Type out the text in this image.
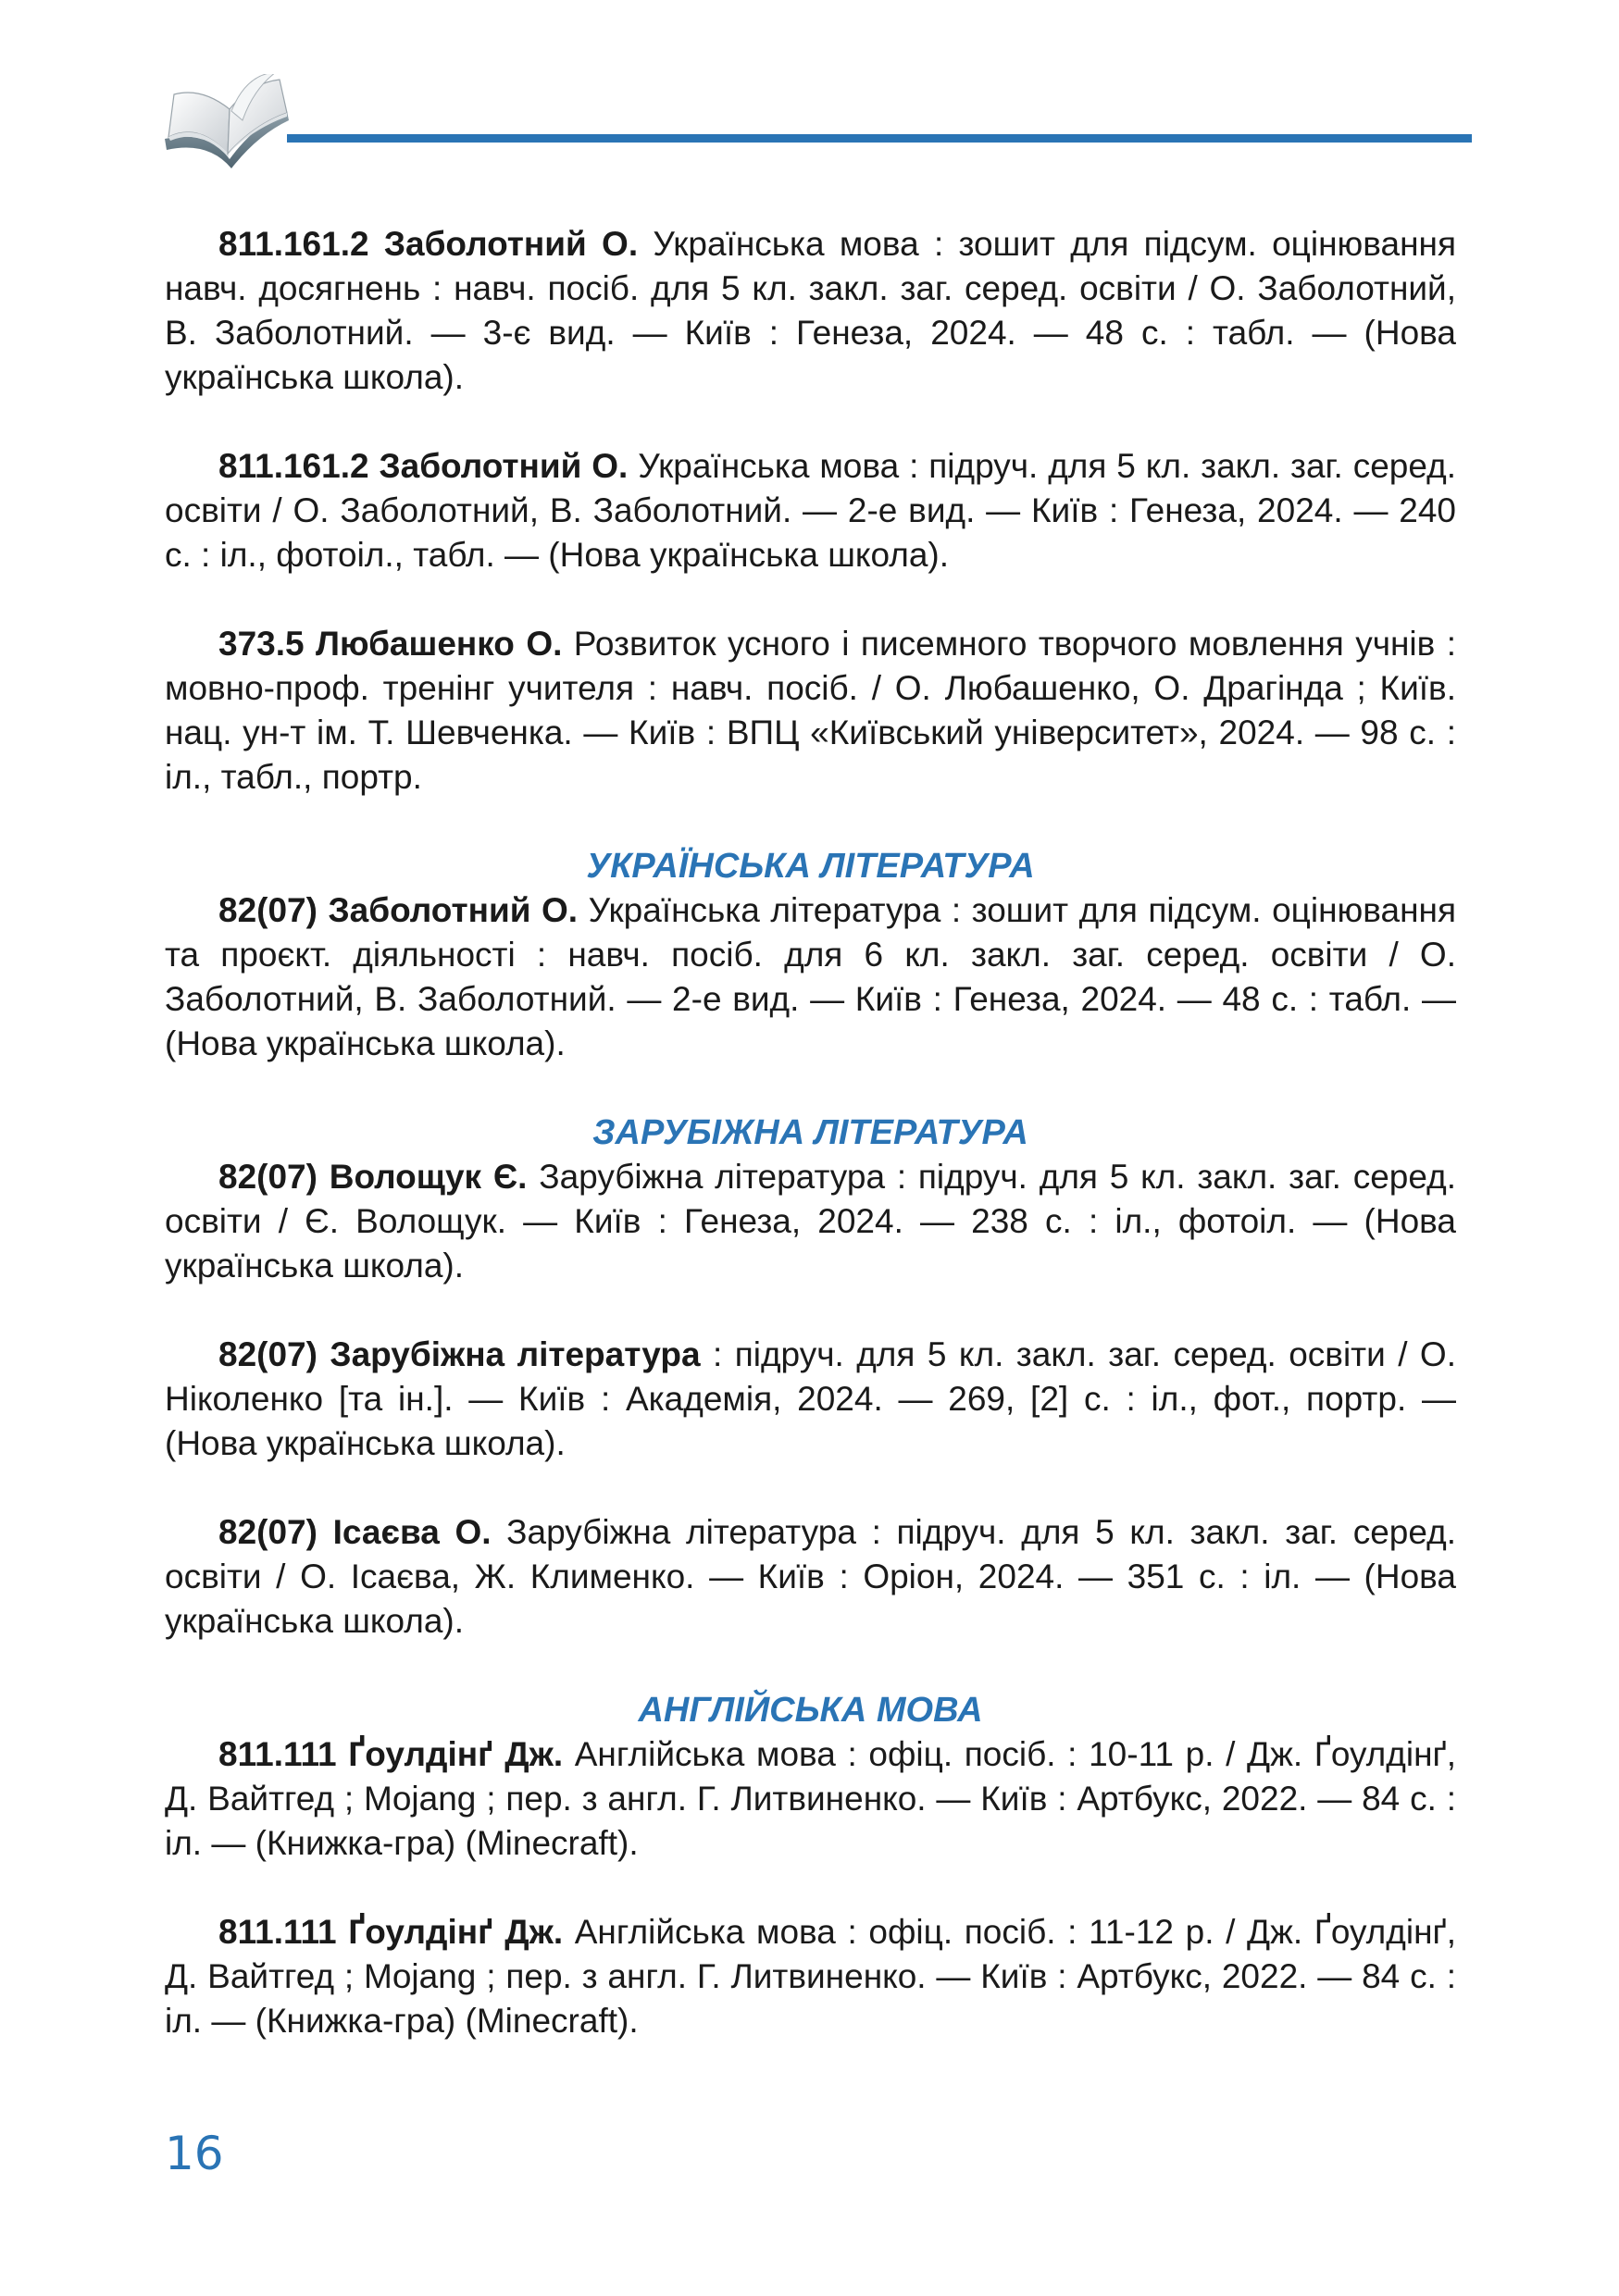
811.161.2 Заболотний О. Українська мова : зошит для підсум. оцінювання навч. досягнень : навч. посіб. для 5 кл. закл. заг. серед. освіти / О. Заболотний, В. Заболотний. — 3-є вид. — Київ : Генеза, 2024. — 48 с. : табл. — (Нова українська школа).

811.161.2 Заболотний О. Українська мова : підруч. для 5 кл. закл. заг. серед. освіти / О. Заболотний, В. Заболотний. — 2-е вид. — Київ : Генеза, 2024. — 240 с. : іл., фотоіл., табл. — (Нова українська школа).

373.5 Любашенко О. Розвиток усного і писемного творчого мовлення учнів : мовно-проф. тренінг учителя : навч. посіб. / О. Любашенко, О. Драгінда ; Київ. нац. ун-т ім. Т. Шевченка. — Київ : ВПЦ «Київський університет», 2024. — 98 с. : іл., табл., портр.

УКРАЇНСЬКА ЛІТЕРАТУРА

82(07) Заболотний О. Українська література : зошит для підсум. оцінювання та проєкт. діяльності : навч. посіб. для 6 кл. закл. заг. серед. освіти / О. Заболотний, В. Заболотний. — 2-е вид. — Київ : Генеза, 2024. — 48 с. : табл. — (Нова українська школа).

ЗАРУБІЖНА ЛІТЕРАТУРА

82(07) Волощук Є. Зарубіжна література : підруч. для 5 кл. закл. заг. серед. освіти / Є. Волощук. — Київ : Генеза, 2024. — 238 с. : іл., фотоіл. — (Нова українська школа).

82(07) Зарубіжна література : підруч. для 5 кл. закл. заг. серед. освіти / О. Ніколенко [та ін.]. — Київ : Академія, 2024. — 269, [2] с. : іл., фот., портр. — (Нова українська школа).

82(07) Ісаєва О. Зарубіжна література : підруч. для 5 кл. закл. заг. серед. освіти / О. Ісаєва, Ж. Клименко. — Київ : Оріон, 2024. — 351 с. : іл. — (Нова українська школа).

АНГЛІЙСЬКА МОВА

811.111 Ґоулдінґ Дж. Англійська мова : офіц. посіб. : 10-11 р. / Дж. Ґоулдінґ, Д. Вайтгед ; Mojang ; пер. з англ. Г. Литвиненко. — Київ : Артбукс, 2022. — 84 с. : іл. — (Книжка-гра) (Minecraft).

811.111 Ґоулдінґ Дж. Англійська мова : офіц. посіб. : 11-12 р. / Дж. Ґоулдінґ, Д. Вайтгед ; Mojang ; пер. з англ. Г. Литвиненко. — Київ : Артбукс, 2022. — 84 с. : іл. — (Книжка-гра) (Minecraft).

16
